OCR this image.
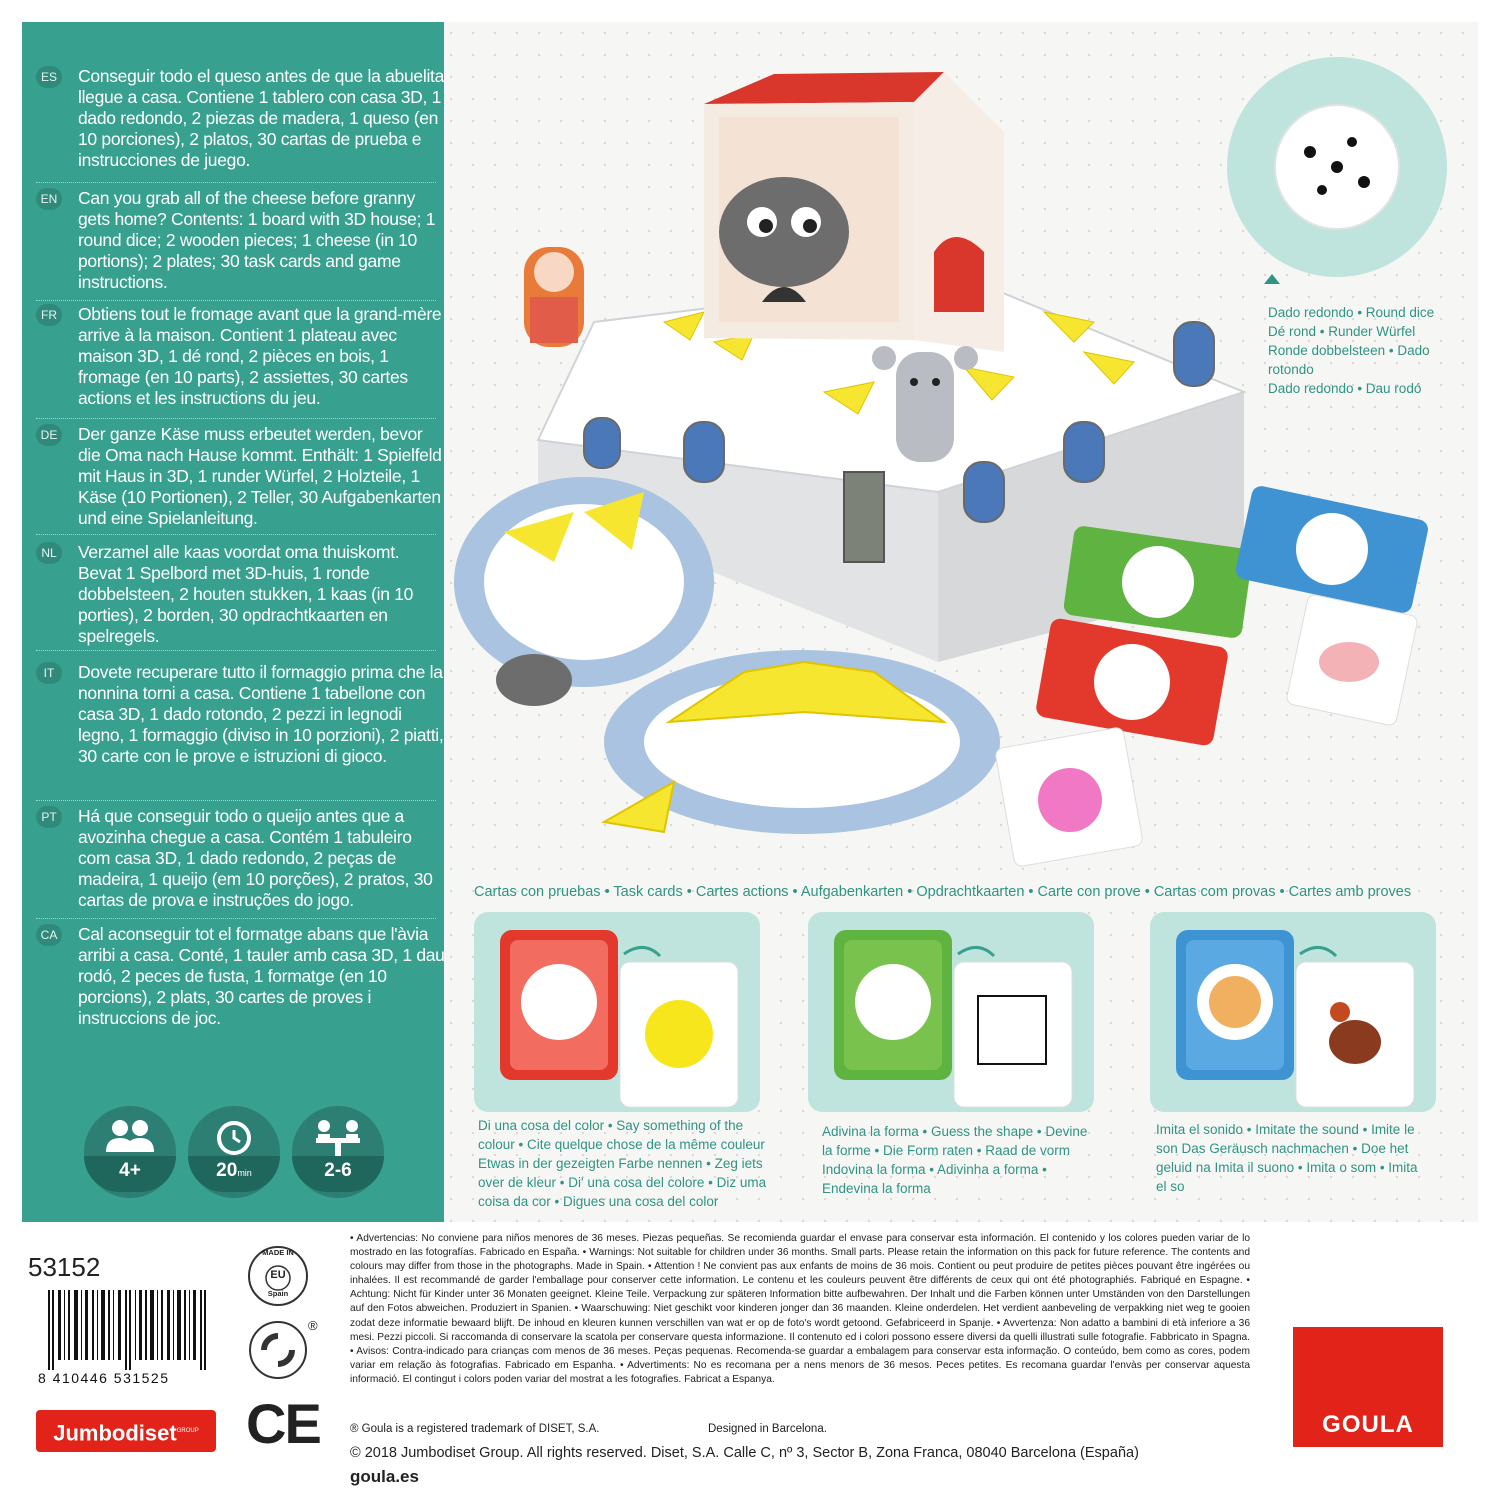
ES Conseguir todo el queso antes de que la abuelita llegue a casa. Contiene 1 tablero con casa 3D, 1 dado redondo, 2 piezas de madera, 1 queso (en 10 porciones), 2 platos, 30 cartas de prueba e instrucciones de juego.
EN Can you grab all of the cheese before granny gets home? Contents: 1 board with 3D house; 1 round dice; 2 wooden pieces; 1 cheese (in 10 portions); 2 plates; 30 task cards and game instructions.
FR Obtiens tout le fromage avant que la grand-mère arrive à la maison. Contient 1 plateau avec maison 3D, 1 dé rond, 2 pièces en bois, 1 fromage (en 10 parts), 2 assiettes, 30 cartes actions et les instructions du jeu.
DE Der ganze Käse muss erbeutet werden, bevor die Oma nach Hause kommt. Enthält: 1 Spielfeld mit Haus in 3D, 1 runder Würfel, 2 Holzteile, 1 Käse (10 Portionen), 2 Teller, 30 Aufgabenkarten und eine Spielanleitung.
NL	Verzamel alle kaas voordat oma thuiskomt. Bevat 1 Spelbord met 3D-huis, 1 ronde dobbelsteen, 2 houten stukken, 1 kaas (in 10 porties), 2 borden, 30 opdrachtkaarten en spelregels.
IT	Dovete recuperare tutto il formaggio prima che la nonnina torni a casa. Contiene 1 tabellone con casa 3D, 1 dado rotondo, 2 pezzi in legnodi legno, 1 formaggio (diviso in 10 porzioni), 2 piatti, 30 carte con le prove e istruzioni di gioco.
PT	Há que conseguir todo o queijo antes que a avozinha chegue a casa. Contém 1 tabuleiro com casa 3D, 1 dado redondo, 2 peças de madeira, 1 queijo (em 10 porções), 2 pratos, 30 cartas de prova e instruções do jogo.
CA Cal aconseguir tot el formatge abans que l'àvia arribi a casa. Conté, 1 tauler amb casa 3D, 1 dau rodó, 2 peces de fusta, 1 formatge (en 10 porcions), 2 plats, 30 cartes de proves i instruccions de joc.
4+	20min	2-6
Dado redondo • Round dice
Dé rond • Runder Würfel
Ronde dobbelsteen • Dado rotondo
Dado redondo • Dau rodó
Cartas con pruebas • Task cards • Cartes actions • Aufgabenkarten • Opdrachtkaarten • Carte con prove • Cartas com provas • Cartes amb proves
Di una cosa del color • Say something of the colour • Cite quelque chose de la même couleur Etwas in der gezeigten Farbe nennen • Zeg iets over de kleur • Di' una cosa del colore • Diz uma coisa da cor • Digues una cosa del color
Adivina la forma • Guess the shape • Devine la forme • Die Form raten • Raad de vorm Indovina la forma • Adivinha a forma • Endevina la forma
Imita el sonido • Imitate the sound • Imite le son Das Geräusch nachmachen • Doe het geluid na Imita il suono • Imita o som • Imita el so
53152
8 410446 531525
Jumbodiset$^{GROUP}$
MADE IN
EU
Spain
®
CE
• Advertencias: No conviene para niños menores de 36 meses. Piezas pequeñas. Se recomienda guardar el envase para conservar esta información. El contenido y los colores pueden variar de lo mostrado en las fotografías. Fabricado en España. • Warnings: Not suitable for children under 36 months. Small parts. Please retain the information on this pack for future reference. The contents and colours may differ from those in the photographs. Made in Spain. • Attention ! Ne convient pas aux enfants de moins de 36 mois. Contient ou peut produire de petites pièces pouvant être ingérées ou inhalées. Il est recommandé de garder l'emballage pour conserver cette information. Le contenu et les couleurs peuvent être différents de ceux qui ont été photographiés. Fabriqué en Espagne. • Achtung: Nicht für Kinder unter 36 Monaten geeignet. Kleine Teile. Verpackung zur späteren Information bitte aufbewahren. Der Inhalt und die Farben können unter Umständen von den Darstellungen auf den Fotos abweichen. Produziert in Spanien. • Waarschuwing: Niet geschikt voor kinderen jonger dan 36 maanden. Kleine onderdelen. Het verdient aanbeveling de verpakking niet weg te gooien zodat deze informatie bewaard blijft. De inhoud en kleuren kunnen verschillen van wat er op de foto's wordt getoond. Gefabriceerd in Spanje. • Avvertenza: Non adatto a bambini di età inferiore a 36 mesi. Pezzi piccoli. Si raccomanda di conservare la scatola per conservare questa informazione. Il contenuto ed i colori possono essere diversi da quelli illustrati sulle fotografie. Fabbricato in Spagna. • Avisos: Contra-indicado para crianças com menos de 36 meses. Peças pequenas. Recomenda-se guardar a embalagem para conservar esta informação. O conteúdo, bem como as cores, podem variar em relação às fotografias. Fabricado em Espanha. • Advertiments: No es recomana per a nens menors de 36 mesos. Peces petites. Es recomana guardar l'envàs per conservar aquesta informació. El contingut i colors poden variar del mostrat a les fotografies. Fabricat a Espanya.
® Goula is a registered trademark of DISET, S.A.	Designed in Barcelona.
© 2018 Jumbodiset Group. All rights reserved. Diset, S.A. Calle C, nº 3, Sector B, Zona Franca, 08040 Barcelona (España)
goula.es
GOULA
